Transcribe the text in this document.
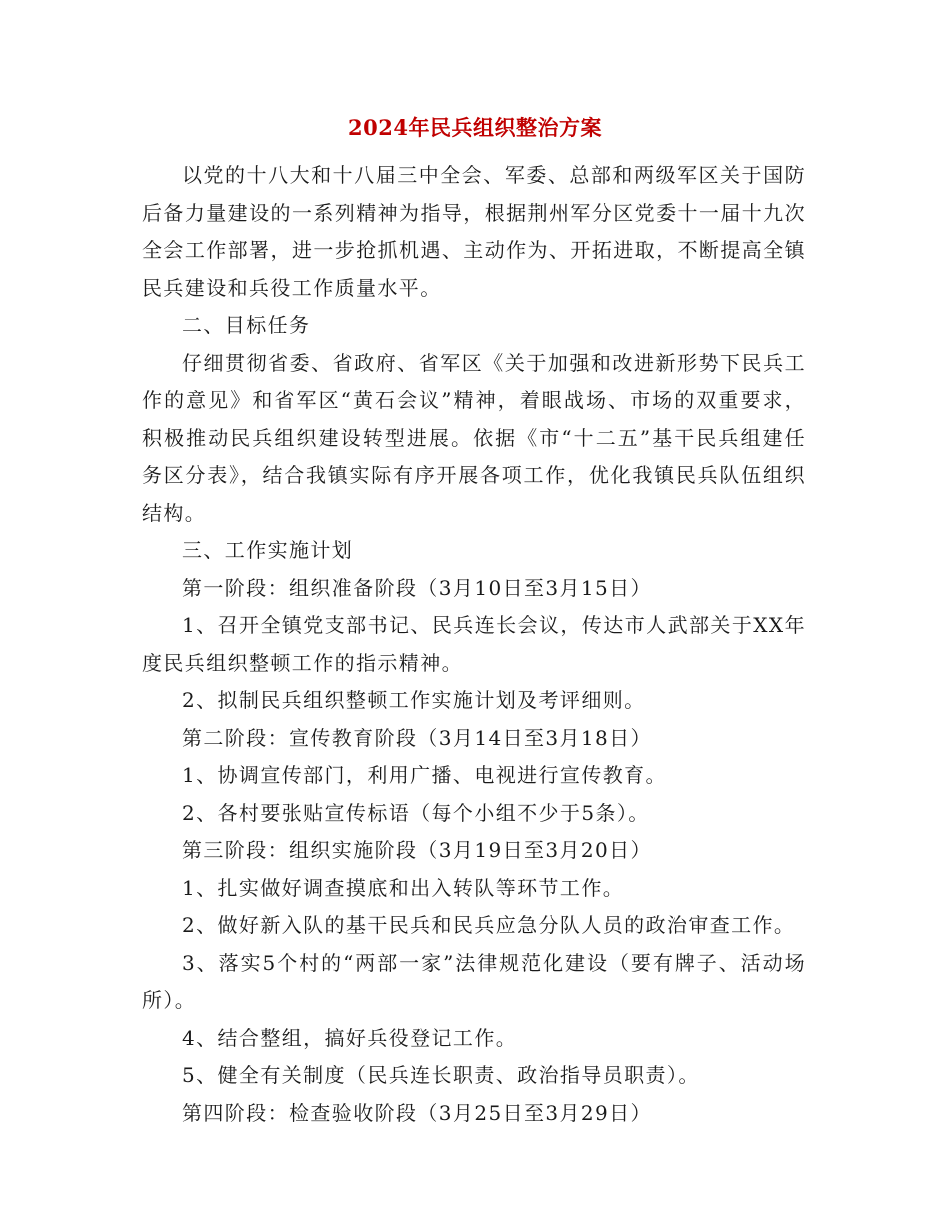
2024年民兵组织整治方案

以党的十八大和十八届三中全会、军委、总部和两级军区关于国防后备力量建设的一系列精神为指导，根据荆州军分区党委十一届十九次全会工作部署，进一步抢抓机遇、主动作为、开拓进取，不断提高全镇民兵建设和兵役工作质量水平。

二、目标任务

仔细贯彻省委、省政府、省军区《关于加强和改进新形势下民兵工作的意见》和省军区“黄石会议”精神，着眼战场、市场的双重要求，积极推动民兵组织建设转型进展。依据《市“十二五”基干民兵组建任务区分表》，结合我镇实际有序开展各项工作，优化我镇民兵队伍组织结构。

三、工作实施计划

第一阶段：组织准备阶段（3月10日至3月15日）

1、召开全镇党支部书记、民兵连长会议，传达市人武部关于XX年度民兵组织整顿工作的指示精神。

2、拟制民兵组织整顿工作实施计划及考评细则。

第二阶段：宣传教育阶段（3月14日至3月18日）

1、协调宣传部门，利用广播、电视进行宣传教育。

2、各村要张贴宣传标语（每个小组不少于5条）。

第三阶段：组织实施阶段（3月19日至3月20日）

1、扎实做好调查摸底和出入转队等环节工作。

2、做好新入队的基干民兵和民兵应急分队人员的政治审查工作。

3、落实5个村的“两部一家”法律规范化建设（要有牌子、活动场所）。

4、结合整组，搞好兵役登记工作。

5、健全有关制度（民兵连长职责、政治指导员职责）。

第四阶段：检查验收阶段（3月25日至3月29日）
